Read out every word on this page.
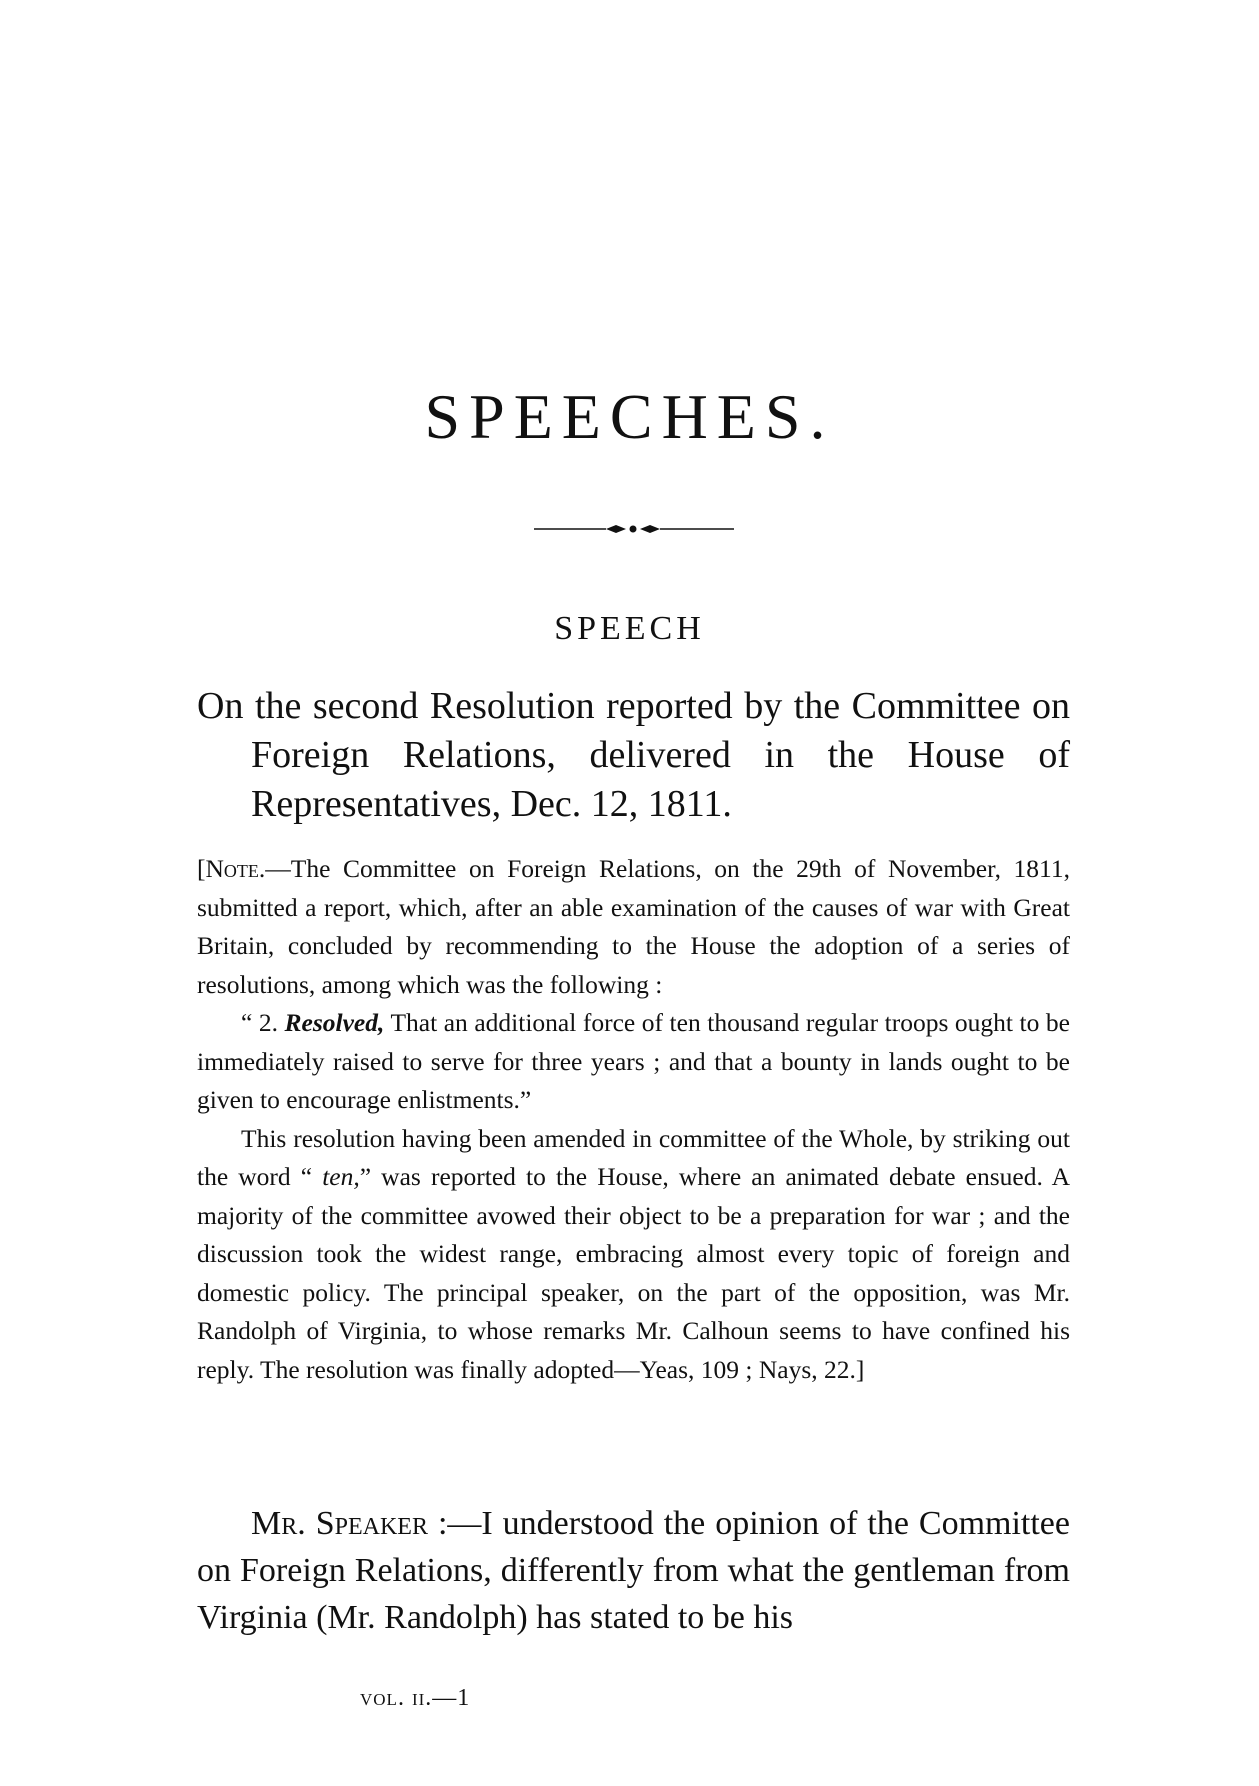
SPEECHES.
SPEECH

On the second Resolution reported by the Committee on Foreign Relations, delivered in the House of Representatives, Dec. 12, 1811.

[Note.—The Committee on Foreign Relations, on the 29th of November, 1811, submitted a report, which, after an able examination of the causes of war with Great Britain, concluded by recommending to the House the adoption of a series of resolutions, among which was the following :

“ 2. Resolved, That an additional force of ten thousand regular troops ought to be immediately raised to serve for three years ; and that a bounty in lands ought to be given to encourage enlistments.”

This resolution having been amended in committee of the Whole, by striking out the word “ ten,” was reported to the House, where an animated debate ensued. A majority of the committee avowed their object to be a preparation for war ; and the discussion took the widest range, embracing almost every topic of foreign and domestic policy. The principal speaker, on the part of the opposition, was Mr. Randolph of Virginia, to whose remarks Mr. Calhoun seems to have confined his reply. The resolution was finally adopted—Yeas, 109 ; Nays, 22.]

Mr. Speaker :—I understood the opinion of the Committee on Foreign Relations, differently from what the gentleman from Virginia (Mr. Randolph) has stated to be his

vol. ii.—1
